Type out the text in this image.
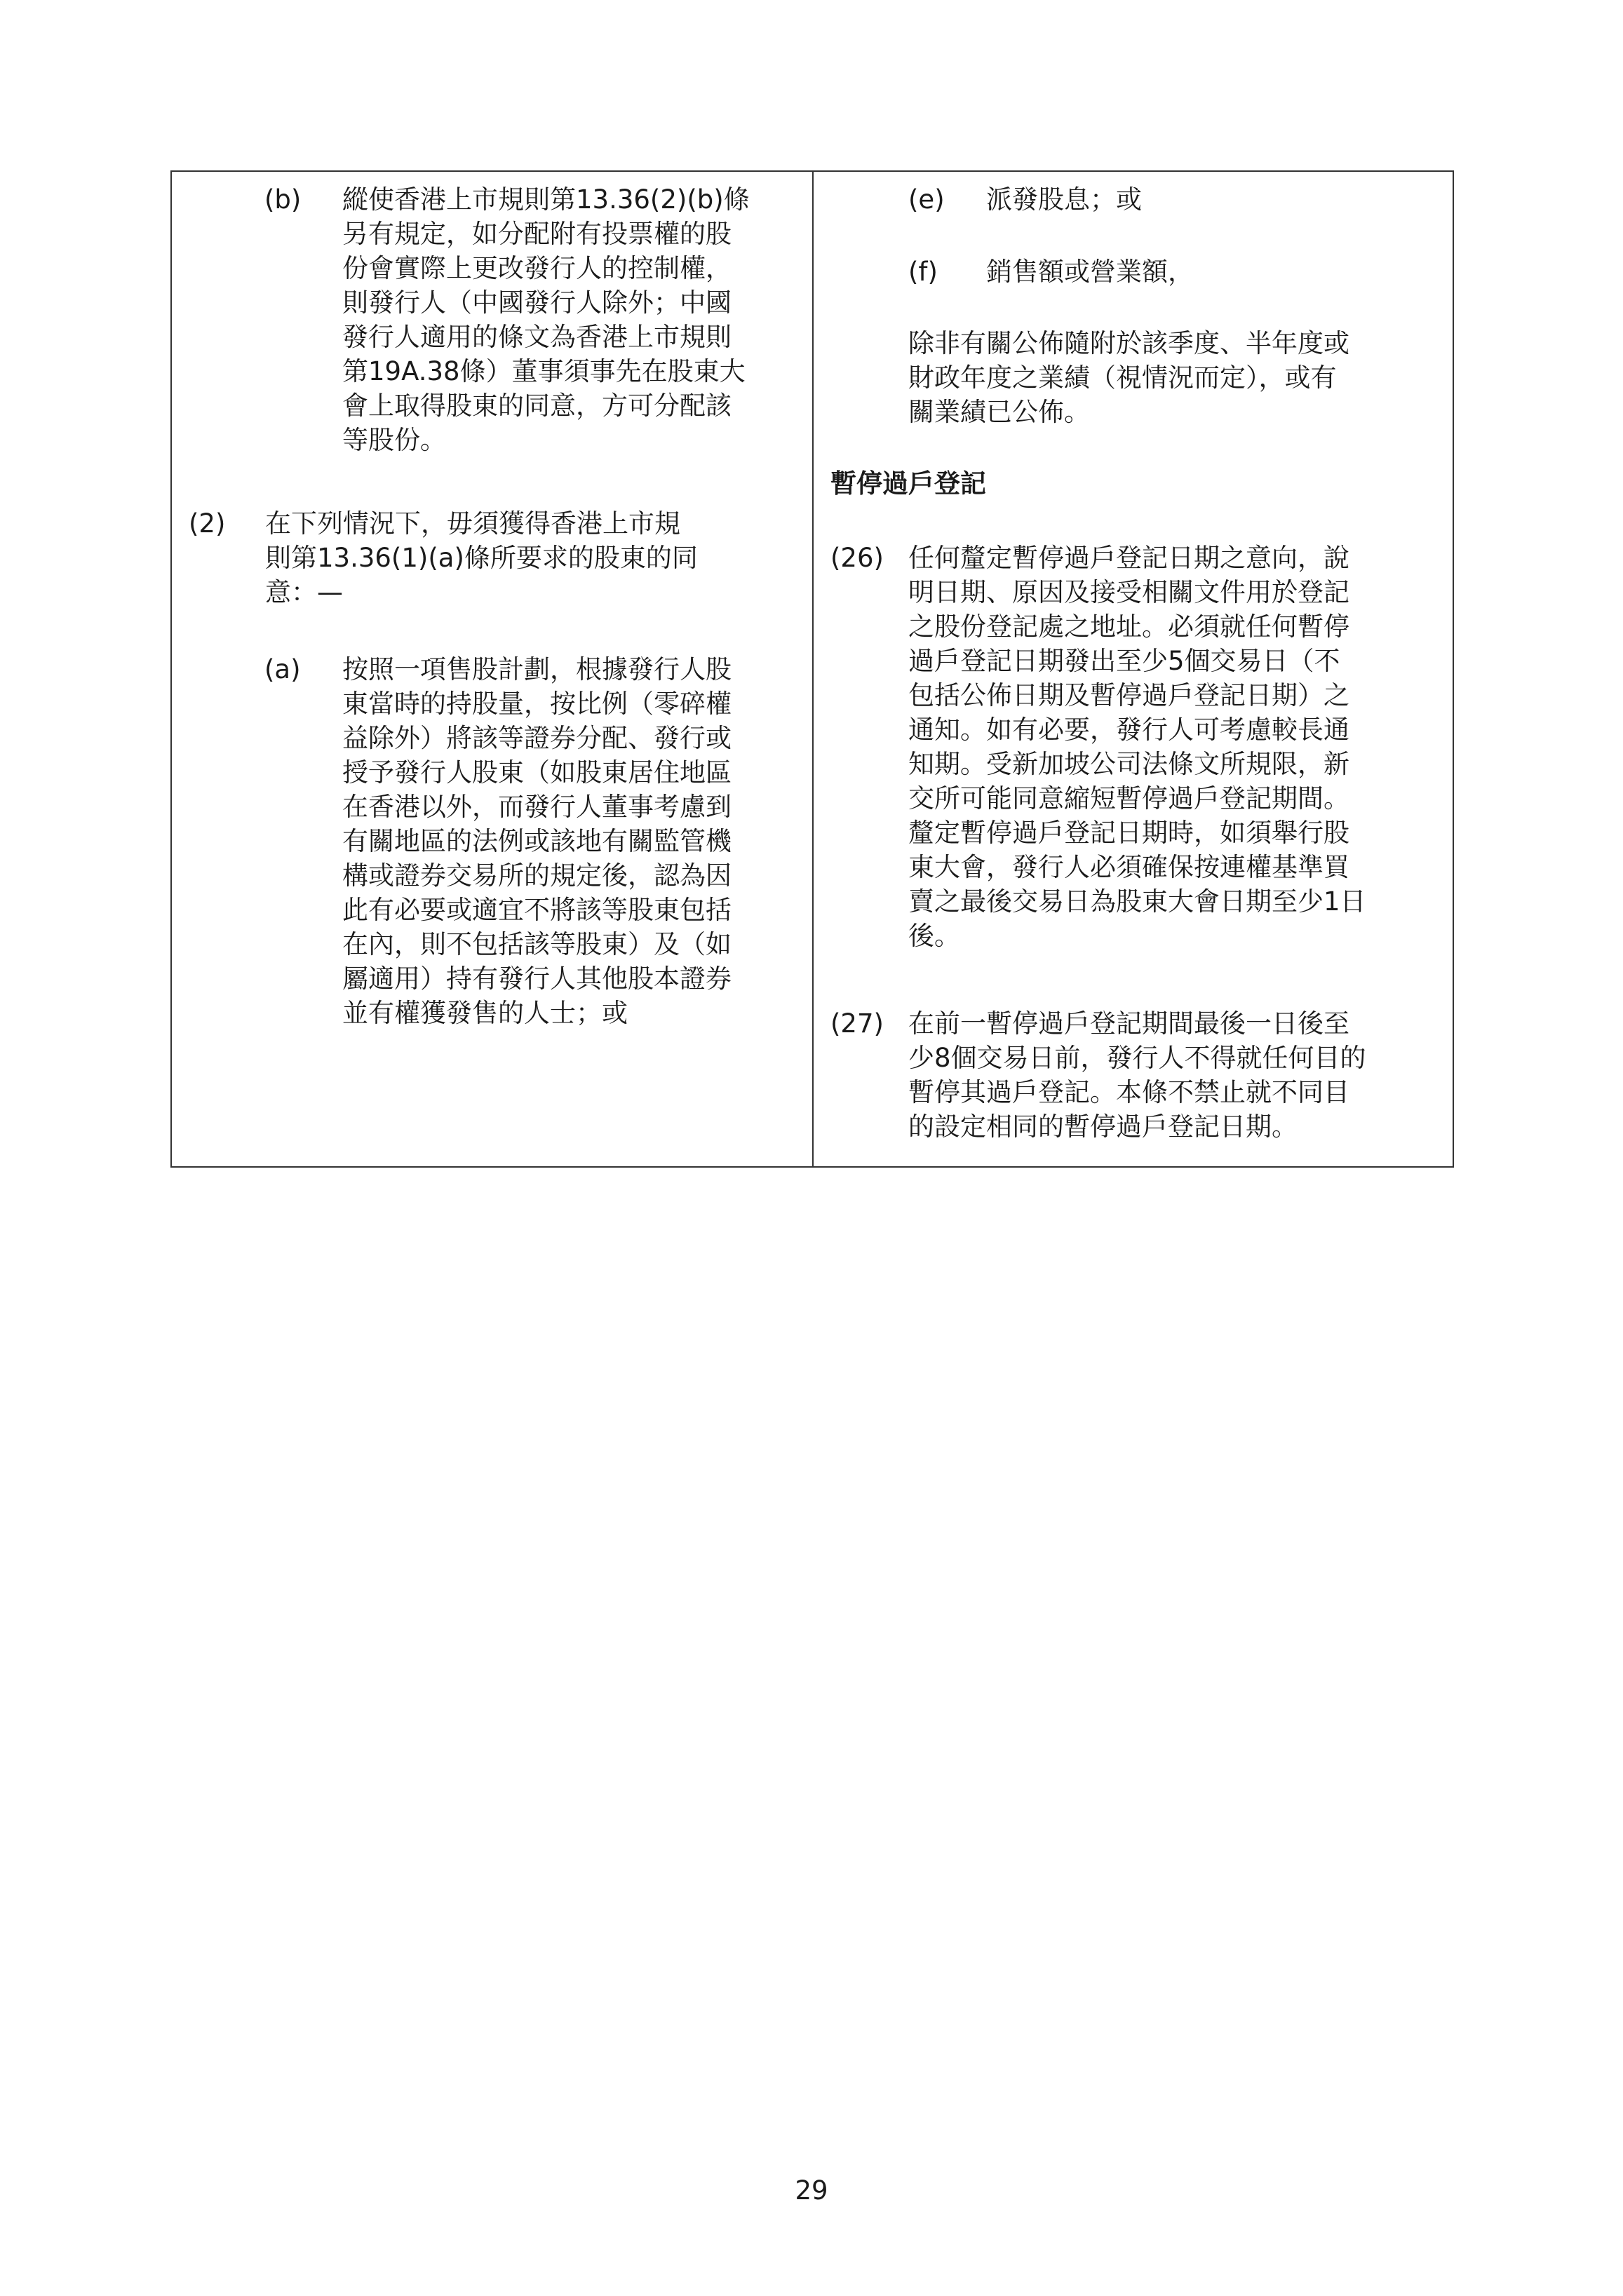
(b) 縱使香港上市規則第13.36(2)(b)條
另有規定，如分配附有投票權的股
份會實際上更改發行人的控制權，
則發行人（中國發行人除外；中國
發行人適用的條文為香港上市規則
第19A.38條）董事須事先在股東大
會上取得股東的同意，方可分配該
等股份。
(2) 在下列情況下，毋須獲得香港上市規
則第13.36(1)(a)條所要求的股東的同
意：—
(a) 按照一項售股計劃，根據發行人股
東當時的持股量，按比例（零碎權
益除外）將該等證券分配、發行或
授予發行人股東（如股東居住地區
在香港以外，而發行人董事考慮到
有關地區的法例或該地有關監管機
構或證券交易所的規定後，認為因
此有必要或適宜不將該等股東包括
在內，則不包括該等股東）及（如
屬適用）持有發行人其他股本證券
並有權獲發售的人士；或
(e) 派發股息；或
(f) 銷售額或營業額，
除非有關公佈隨附於該季度、半年度或
財政年度之業績（視情況而定），或有
關業績已公佈。
暫停過戶登記
(26) 任何釐定暫停過戶登記日期之意向，說
明日期、原因及接受相關文件用於登記
之股份登記處之地址。必須就任何暫停
過戶登記日期發出至少5個交易日（不
包括公佈日期及暫停過戶登記日期）之
通知。如有必要，發行人可考慮較長通
知期。受新加坡公司法條文所規限，新
交所可能同意縮短暫停過戶登記期間。
釐定暫停過戶登記日期時，如須舉行股
東大會，發行人必須確保按連權基準買
賣之最後交易日為股東大會日期至少1日
後。
(27) 在前一暫停過戶登記期間最後一日後至
少8個交易日前，發行人不得就任何目的
暫停其過戶登記。本條不禁止就不同目
的設定相同的暫停過戶登記日期。
29
